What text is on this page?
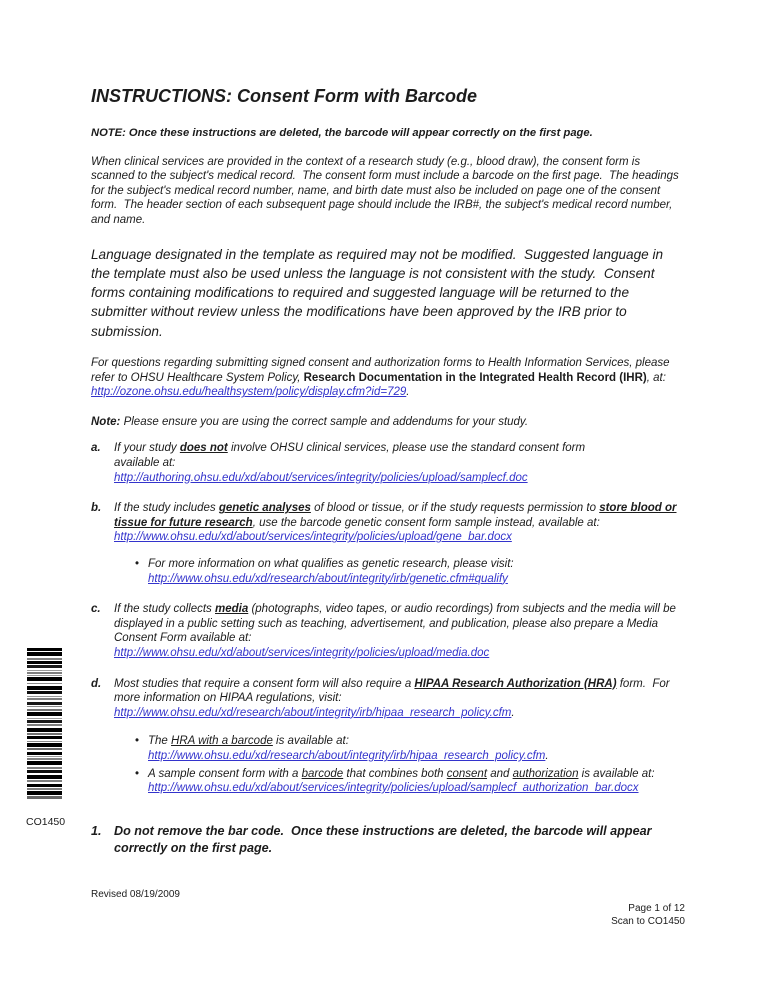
CO1450
INSTRUCTIONS: Consent Form with Barcode

NOTE: Once these instructions are deleted, the barcode will appear correctly on the first page.

When clinical services are provided in the context of a research study (e.g., blood draw), the consent form is scanned to the subject's medical record.  The consent form must include a barcode on the first page.  The headings for the subject's medical record number, name, and birth date must also be included on page one of the consent form.  The header section of each subsequent page should include the IRB#, the subject's medical record number, and name.

Language designated in the template as required may not be modified.  Suggested language in the template must also be used unless the language is not consistent with the study.  Consent forms containing modifications to required and suggested language will be returned to the submitter without review unless the modifications have been approved by the IRB prior to submission.

For questions regarding submitting signed consent and authorization forms to Health Information Services, please refer to OHSU Healthcare System Policy, Research Documentation in the Integrated Health Record (IHR), at: http://ozone.ohsu.edu/healthsystem/policy/display.cfm?id=729.

Note: Please ensure you are using the correct sample and addendums for your study.

a.	If your study does not involve OHSU clinical services, please use the standard consent form
available at:
http://authoring.ohsu.edu/xd/about/services/integrity/policies/upload/samplecf.doc
b.	If the study includes genetic analyses of blood or tissue, or if the study requests permission to store blood or tissue for future research, use the barcode genetic consent form sample instead, available at:
http://www.ohsu.edu/xd/about/services/integrity/policies/upload/gene_bar.docx
• For more information on what qualifies as genetic research, please visit:
http://www.ohsu.edu/xd/research/about/integrity/irb/genetic.cfm#qualify
c.	If the study collects media (photographs, video tapes, or audio recordings) from subjects and the media will be displayed in a public setting such as teaching, advertisement, and publication, please also prepare a Media Consent Form available at:
http://www.ohsu.edu/xd/about/services/integrity/policies/upload/media.doc
d.	Most studies that require a consent form will also require a HIPAA Research Authorization (HRA) form.  For more information on HIPAA regulations, visit:
http://www.ohsu.edu/xd/research/about/integrity/irb/hipaa_research_policy.cfm.
• The HRA with a barcode is available at:
http://www.ohsu.edu/xd/research/about/integrity/irb/hipaa_research_policy.cfm.
• A sample consent form with a barcode that combines both consent and authorization is available at:
http://www.ohsu.edu/xd/about/services/integrity/policies/upload/samplecf_authorization_bar.docx
1. Do not remove the bar code.  Once these instructions are deleted, the barcode will appear correctly on the first page.
Revised 08/19/2009
Page 1 of 12
Scan to CO1450
